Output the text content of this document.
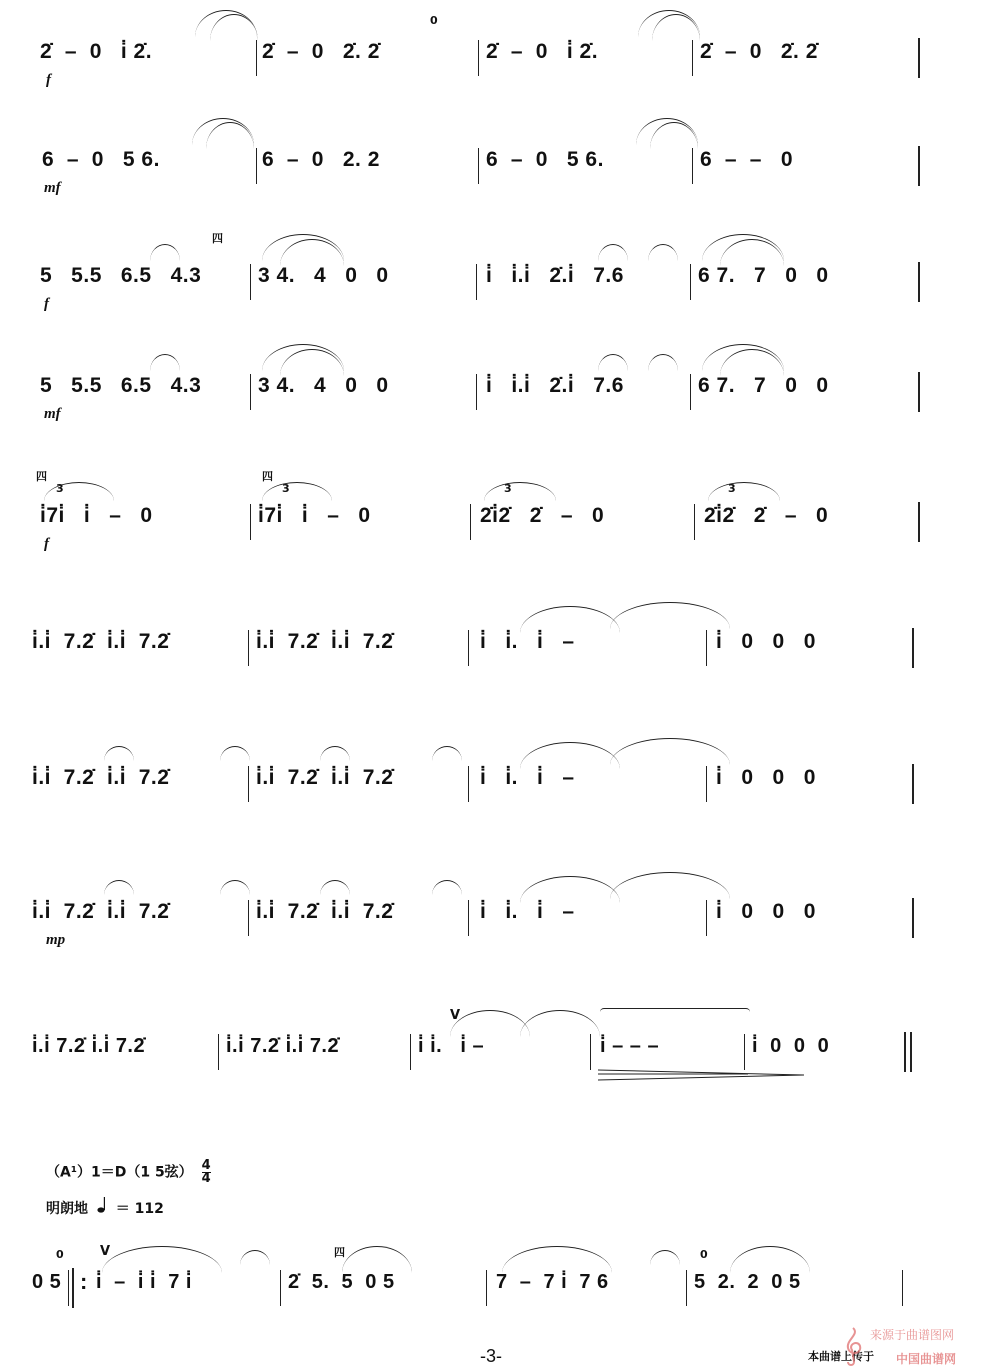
2̇  –  0   i̇ 2̇.	2̇  –  0   2̇. 2̇	2̇  –  0   i̇ 2̇.	2̇  –  0   2̇. 2̇
0
f
6  –  0   5 6.	6  –  0   2. 2	6  –  0   5 6.	6  –  –   0
mf
5   5.5   6.5   4.3	3 4.   4   0   0	i̇   i̇.i̇   2̇.i̇   7.6	6 7.   7   0   0
四
f
5   5.5   6.5   4.3	3 4.   4   0   0	i̇   i̇.i̇   2̇.i̇   7.6	6 7.   7   0   0
mf
i̇7i̇   i̇   –   0	i̇7i̇   i̇   –   0	2̇i̇2̇   2̇   –   0	2̇i̇2̇   2̇   –   0
四
3
四
3	3	3
f
i̇.i̇  7.2̇  i̇.i̇  7.2̇	i̇.i̇  7.2̇  i̇.i̇  7.2̇	i̇   i̇.   i̇   –	i̇   0   0   0
i̇.i̇  7.2̇  i̇.i̇  7.2̇	i̇.i̇  7.2̇  i̇.i̇  7.2̇	i̇   i̇.   i̇   –	i̇   0   0   0
i̇.i̇  7.2̇  i̇.i̇  7.2̇	i̇.i̇  7.2̇  i̇.i̇  7.2̇	i̇   i̇.   i̇   –	i̇   0   0   0
mp
i̇.i̇ 7.2̇ i̇.i̇ 7.2̇	i̇.i̇ 7.2̇ i̇.i̇ 7.2̇	i̇ i̇.   i̇ –	i̇ – – –	i̇  0  0  0
V
（A¹）1＝D（1 5弦） $\frac{4}{4}$
明朗地 ＝ 112
0 5 : i̇  –  i̇ i̇  7 i̇	2̇  5.  5  0 5	7  –  7 i̇  7 6	5  2.  2  0 5
0	V	四	0
-3-	本曲谱上传于
来源于曲谱图网
中国曲谱网
